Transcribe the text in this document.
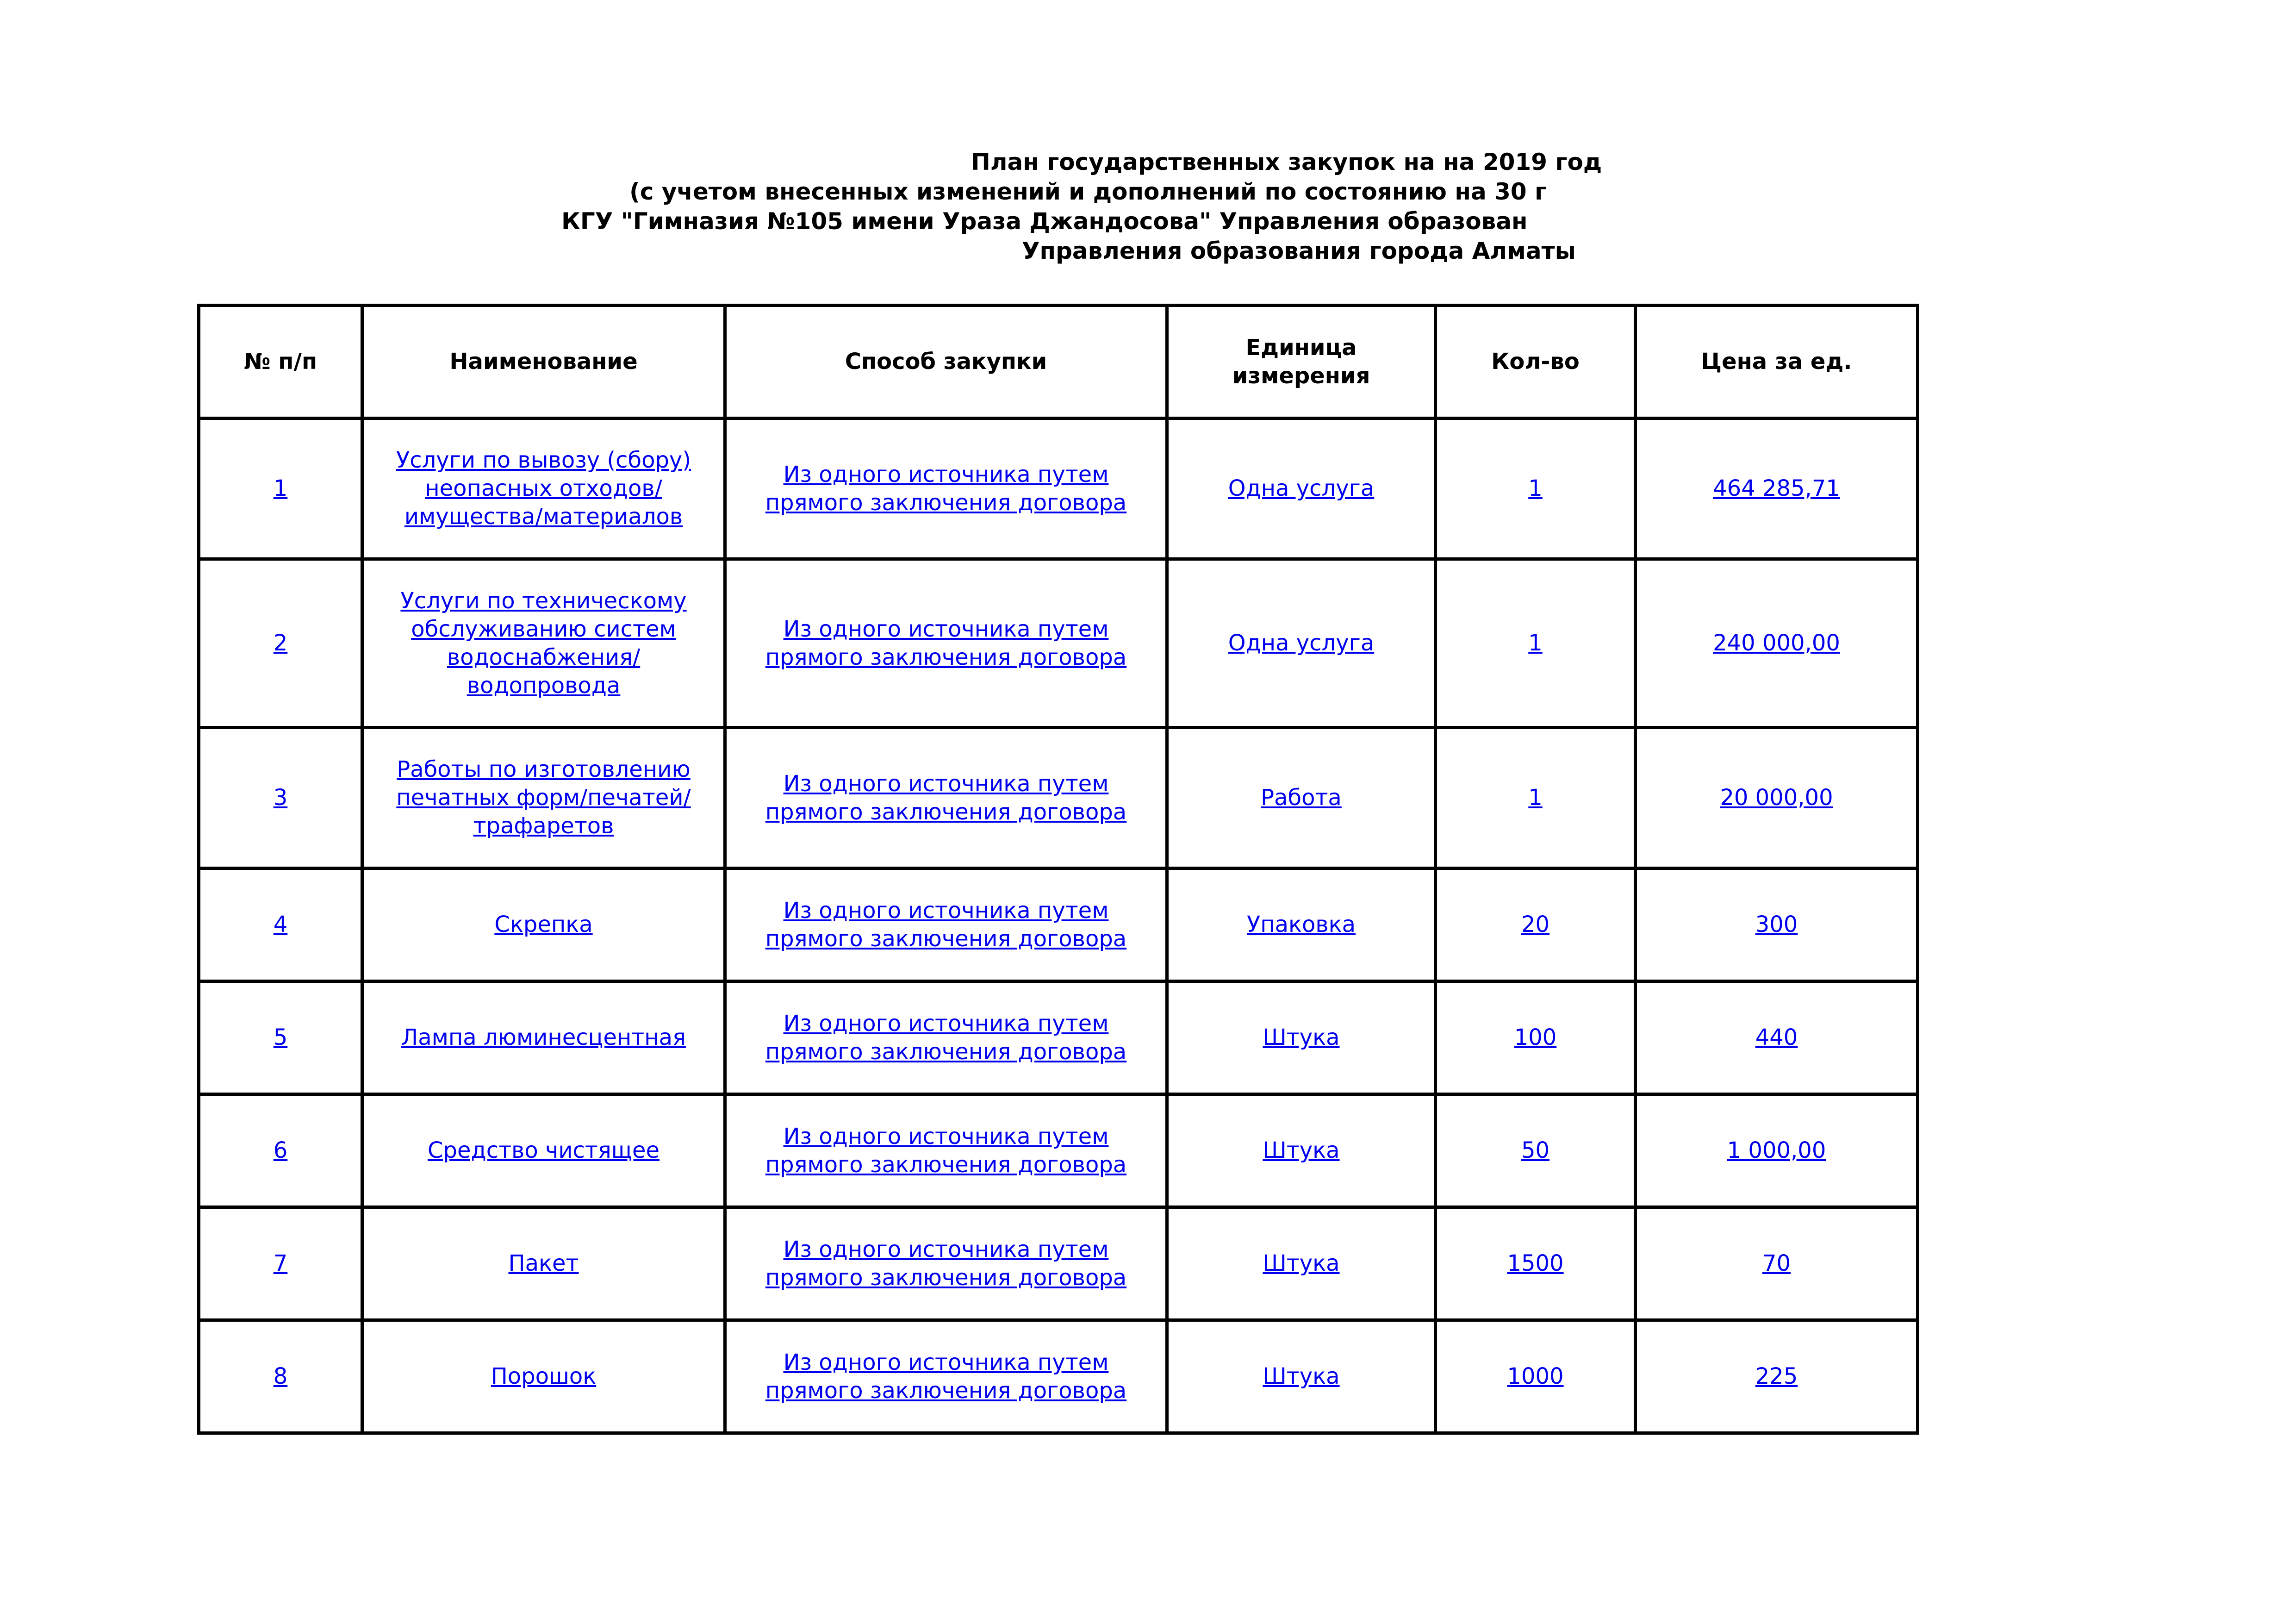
План государственных закупок на на 2019 год
(с учетом внесенных изменений и дополнений по состоянию на 30 г
КГУ "Гимназия №105 имени Ураза Джандосова" Управления образован
Управления образования города Алматы
№ п/п	Наименование	Способ закупки	Единица измерения	Кол-во	Цена за ед.
1	Услуги по вывозу (сбору) неопасных отходов/имущества/материалов	Из одного источника путем прямого заключения договора	Одна услуга	1	464 285,71
2	Услуги по техническому обслуживанию систем водоснабжения/водопровода	Из одного источника путем прямого заключения договора	Одна услуга	1	240 000,00
3	Работы по изготовлению печатных форм/печатей/трафаретов	Из одного источника путем прямого заключения договора	Работа	1	20 000,00
4	Скрепка	Из одного источника путем прямого заключения договора	Упаковка	20	300
5	Лампа люминесцентная	Из одного источника путем прямого заключения договора	Штука	100	440
6	Средство чистящее	Из одного источника путем прямого заключения договора	Штука	50	1 000,00
7	Пакет	Из одного источника путем прямого заключения договора	Штука	1500	70
8	Порошок	Из одного источника путем прямого заключения договора	Штука	1000	225
